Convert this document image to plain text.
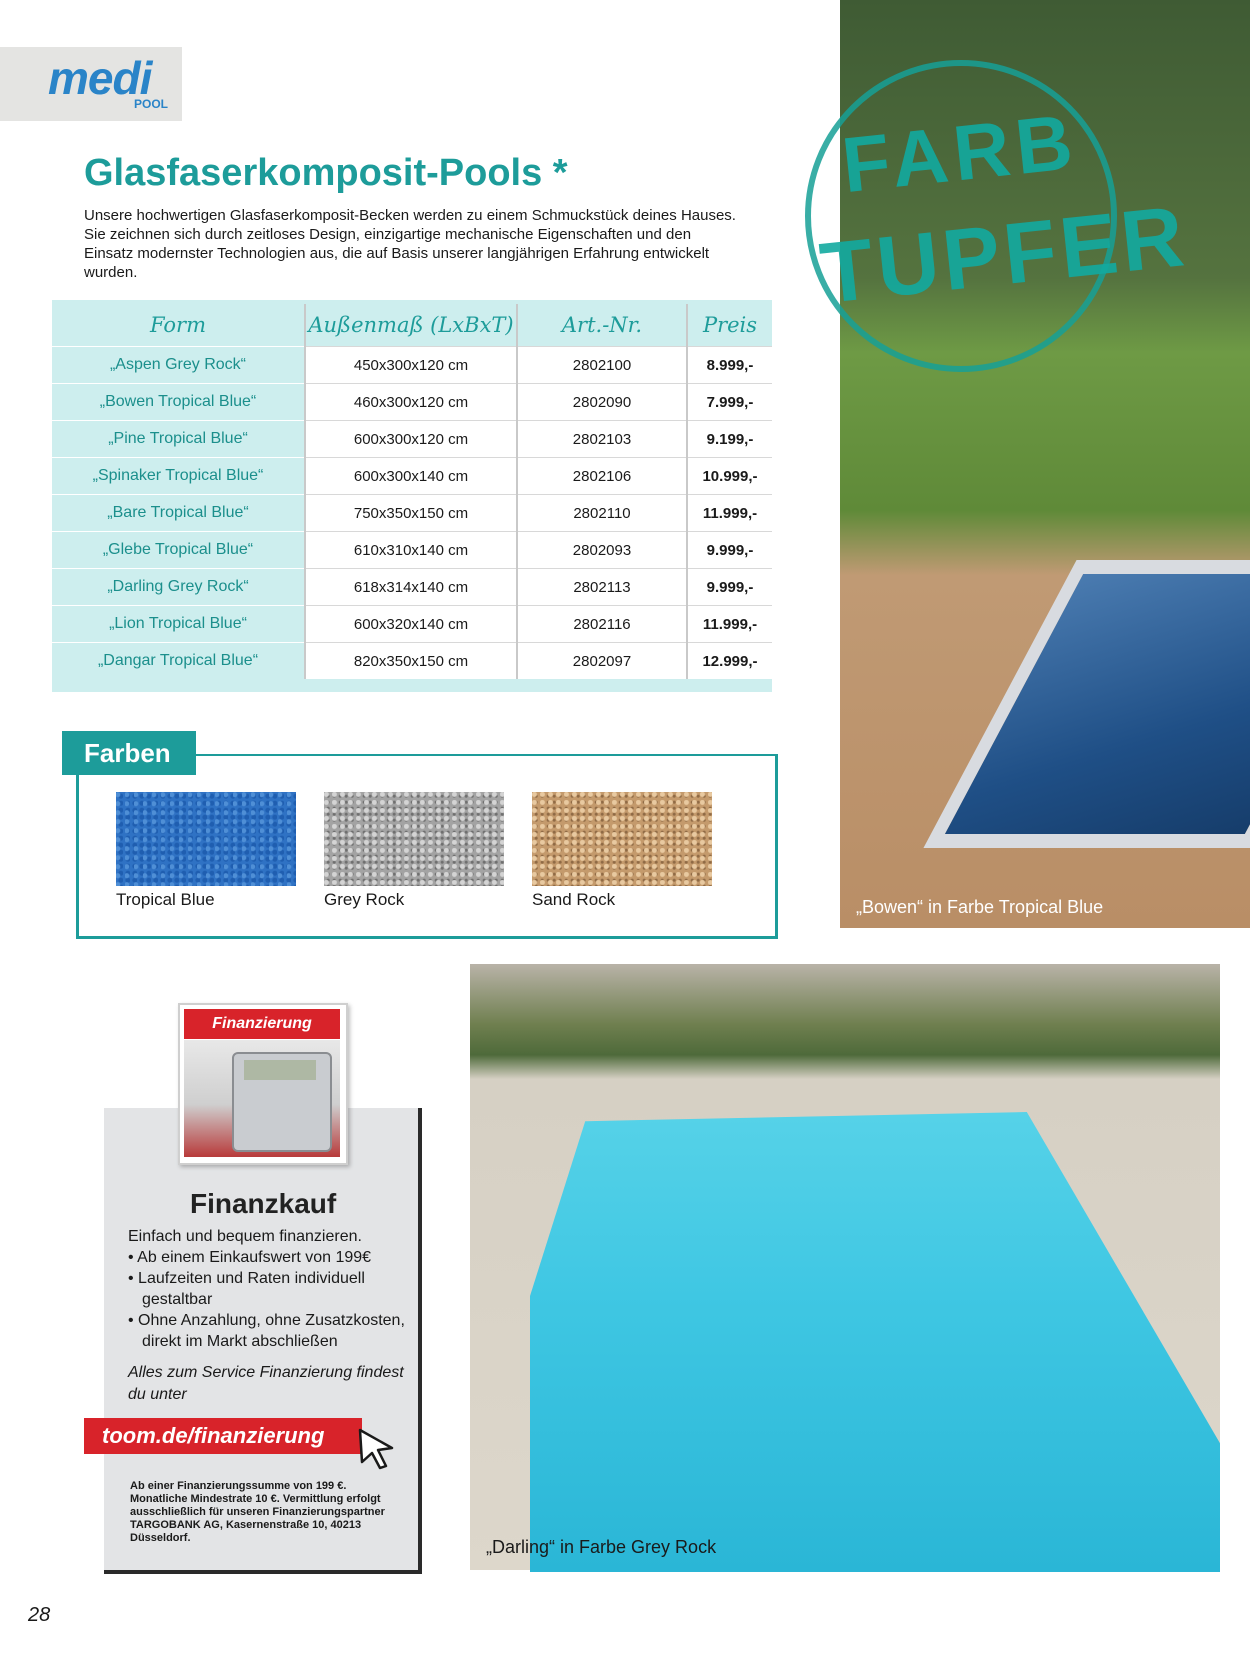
medi
POOL
Glasfaserkomposit-Pools *
Unsere hochwertigen Glasfaserkomposit-Becken werden zu einem Schmuckstück deines Hauses. Sie zeichnen sich durch zeitloses Design, einzigartige mechanische Eigenschaften und den Einsatz modernster Technologien aus, die auf Basis unserer langjährigen Erfahrung entwickelt wurden.
Form	Außenmaß (LxBxT)	Art.-Nr.	Preis
„Aspen Grey Rock“	450x300x120 cm	2802100	8.999,-
„Bowen Tropical Blue“	460x300x120 cm	2802090	7.999,-
„Pine Tropical Blue“	600x300x120 cm	2802103	9.199,-
„Spinaker Tropical Blue“	600x300x140 cm	2802106	10.999,-
„Bare Tropical Blue“	750x350x150 cm	2802110	11.999,-
„Glebe Tropical Blue“	610x310x140 cm	2802093	9.999,-
„Darling Grey Rock“	618x314x140 cm	2802113	9.999,-
„Lion Tropical Blue“	600x320x140 cm	2802116	11.999,-
„Dangar Tropical Blue“	820x350x150 cm	2802097	12.999,-
Farben
Tropical Blue	Grey Rock	Sand Rock
FARB
TUPFER
„Bowen“ in Farbe Tropical Blue
„Darling“ in Farbe Grey Rock
Finanzierung
Finanzkauf
Einfach und bequem finanzieren.
• Ab einem Einkaufswert von 199€
• Laufzeiten und Raten individuell gestaltbar
• Ohne Anzahlung, ohne Zusatzkosten, direkt im Markt abschließen
Alles zum Service Finanzierung findest du unter
toom.de/finanzierung
Ab einer Finanzierungssumme von 199 €. Monatliche Mindestrate 10 €. Vermittlung erfolgt ausschließlich für unseren Finanzierungspartner TARGOBANK AG, Kasernenstraße 10, 40213 Düsseldorf.
28
